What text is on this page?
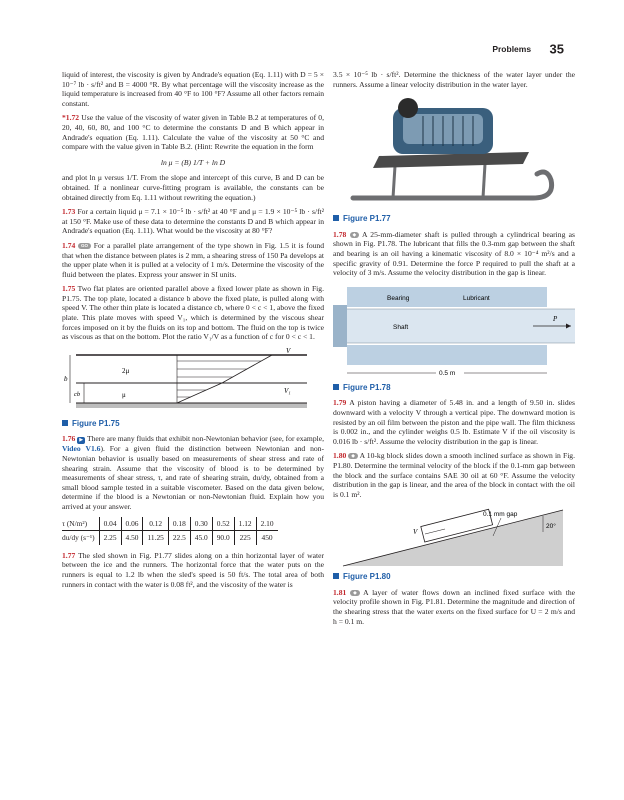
Problems 35

liquid of interest, the viscosity is given by Andrade's equation (Eq. 1.11) with D = 5 × 10⁻⁷ lb · s/ft² and B = 4000 °R. By what percentage will the viscosity increase as the liquid temperature is increased from 40 °F to 100 °F? Assume all other factors remain constant.

*1.72 Use the value of the viscosity of water given in Table B.2 at temperatures of 0, 20, 40, 60, 80, and 100 °C to determine the constants D and B which appear in Andrade's equation (Eq. 1.11). Calculate the value of the viscosity at 50 °C and compare with the value given in Table B.2. (Hint: Rewrite the equation in the form

ln μ = (B) 1/T + ln D

and plot ln μ versus 1/T. From the slope and intercept of this curve, B and D can be obtained. If a nonlinear curve-fitting program is available, the constants can be obtained directly from Eq. 1.11 without rewriting the equation.)

1.73 For a certain liquid μ = 7.1 × 10⁻⁵ lb · s/ft² at 40 °F and μ = 1.9 × 10⁻⁵ lb · s/ft² at 150 °F. Make use of these data to determine the constants D and B which appear in Andrade's equation (Eq. 1.11). What would be the viscosity at 80 °F?

1.74 GO For a parallel plate arrangement of the type shown in Fig. 1.5 it is found that when the distance between plates is 2 mm, a shearing stress of 150 Pa develops at the upper plate when it is pulled at a velocity of 1 m/s. Determine the viscosity of the fluid between the plates. Express your answer in SI units.

1.75 Two flat plates are oriented parallel above a fixed lower plate as shown in Fig. P1.75. The top plate, located a distance b above the fixed plate, is pulled along with speed V. The other thin plate is located a distance cb, where 0 < c < 1, above the fixed plate. This plate moves with speed V₁, which is determined by the viscous shear forces imposed on it by the fluids on its top and bottom. The fluid on the top is twice as viscous as that on the bottom. Plot the ratio V₁/V as a function of c for 0 < c < 1.

b
cb
2μ
μ
V
V₁
Figure P1.75

1.76 ▶ There are many fluids that exhibit non-Newtonian behavior (see, for example, Video V1.6). For a given fluid the distinction between Newtonian and non-Newtonian behavior is usually based on measurements of shear stress and rate of shearing strain. Assume that the viscosity of blood is to be determined by measurements of shear stress, τ, and rate of shearing strain, du/dy, obtained from a small blood sample tested in a suitable viscometer. Based on the data given below, determine if the blood is a Newtonian or non-Newtonian fluid. Explain how you arrived at your answer.

τ (N/m²)	0.04	0.06	0.12	0.18	0.30	0.52	1.12	2.10
du/dy (s⁻¹)	2.25	4.50	11.25	22.5	45.0	90.0	225	450

1.77 The sled shown in Fig. P1.77 slides along on a thin horizontal layer of water between the ice and the runners. The horizontal force that the water puts on the runners is equal to 1.2 lb when the sled's speed is 50 ft/s. The total area of both runners in contact with the water is 0.08 ft², and the viscosity of the water is

3.5 × 10⁻⁵ lb · s/ft². Determine the thickness of the water layer under the runners. Assume a linear velocity distribution in the water layer.

Figure P1.77

1.78 ◆ A 25-mm-diameter shaft is pulled through a cylindrical bearing as shown in Fig. P1.78. The lubricant that fills the 0.3-mm gap between the shaft and bearing is an oil having a kinematic viscosity of 8.0 × 10⁻⁴ m²/s and a specific gravity of 0.91. Determine the force P required to pull the shaft at a velocity of 3 m/s. Assume the velocity distribution in the gap is linear.

Bearing	Lubricant
Shaft
P
0.5 m
Figure P1.78

1.79 A piston having a diameter of 5.48 in. and a length of 9.50 in. slides downward with a velocity V through a vertical pipe. The downward motion is resisted by an oil film between the piston and the pipe wall. The film thickness is 0.002 in., and the cylinder weighs 0.5 lb. Estimate V if the oil viscosity is 0.016 lb · s/ft². Assume the velocity distribution in the gap is linear.

1.80 ◆ A 10-kg block slides down a smooth inclined surface as shown in Fig. P1.80. Determine the terminal velocity of the block if the 0.1-mm gap between the block and the surface contains SAE 30 oil at 60 °F. Assume the velocity distribution in the gap is linear, and the area of the block in contact with the oil is 0.1 m².

V
0.1 mm gap
20°
Figure P1.80

1.81 ◆ A layer of water flows down an inclined fixed surface with the velocity profile shown in Fig. P1.81. Determine the magnitude and direction of the shearing stress that the water exerts on the fixed surface for U = 2 m/s and h = 0.1 m.
